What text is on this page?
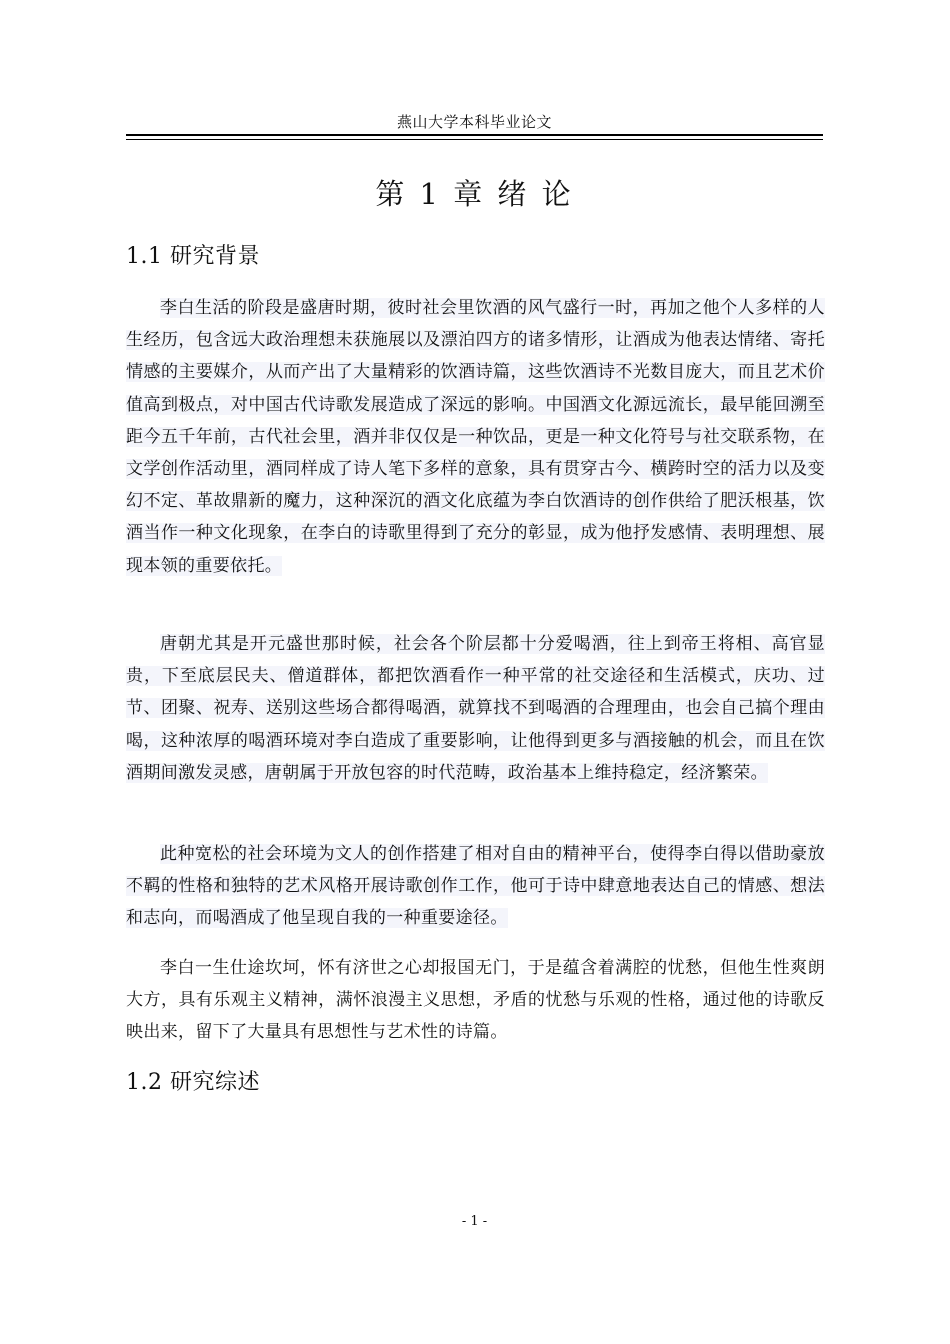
燕山大学本科毕业论文
第 1 章 绪 论
1.1 研究背景

李白生活的阶段是盛唐时期，彼时社会里饮酒的风气盛行一时，再加之他个人多样的人生经历，包含远大政治理想未获施展以及漂泊四方的诸多情形，让酒成为他表达情绪、寄托情感的主要媒介，从而产出了大量精彩的饮酒诗篇，这些饮酒诗不光数目庞大，而且艺术价值高到极点，对中国古代诗歌发展造成了深远的影响。中国酒文化源远流长，最早能回溯至距今五千年前，古代社会里，酒并非仅仅是一种饮品，更是一种文化符号与社交联系物，在文学创作活动里，酒同样成了诗人笔下多样的意象，具有贯穿古今、横跨时空的活力以及变幻不定、革故鼎新的魔力，这种深沉的酒文化底蕴为李白饮酒诗的创作供给了肥沃根基，饮酒当作一种文化现象，在李白的诗歌里得到了充分的彰显，成为他抒发感情、表明理想、展现本领的重要依托。

唐朝尤其是开元盛世那时候，社会各个阶层都十分爱喝酒，往上到帝王将相、高官显贵，下至底层民夫、僧道群体，都把饮酒看作一种平常的社交途径和生活模式，庆功、过节、团聚、祝寿、送别这些场合都得喝酒，就算找不到喝酒的合理理由，也会自己搞个理由喝，这种浓厚的喝酒环境对李白造成了重要影响，让他得到更多与酒接触的机会，而且在饮酒期间激发灵感，唐朝属于开放包容的时代范畴，政治基本上维持稳定，经济繁荣。

此种宽松的社会环境为文人的创作搭建了相对自由的精神平台，使得李白得以借助豪放不羁的性格和独特的艺术风格开展诗歌创作工作，他可于诗中肆意地表达自己的情感、想法和志向，而喝酒成了他呈现自我的一种重要途径。

李白一生仕途坎坷，怀有济世之心却报国无门，于是蕴含着满腔的忧愁，但他生性爽朗大方，具有乐观主义精神，满怀浪漫主义思想，矛盾的忧愁与乐观的性格，通过他的诗歌反映出来，留下了大量具有思想性与艺术性的诗篇。

1.2 研究综述
- 1 -
